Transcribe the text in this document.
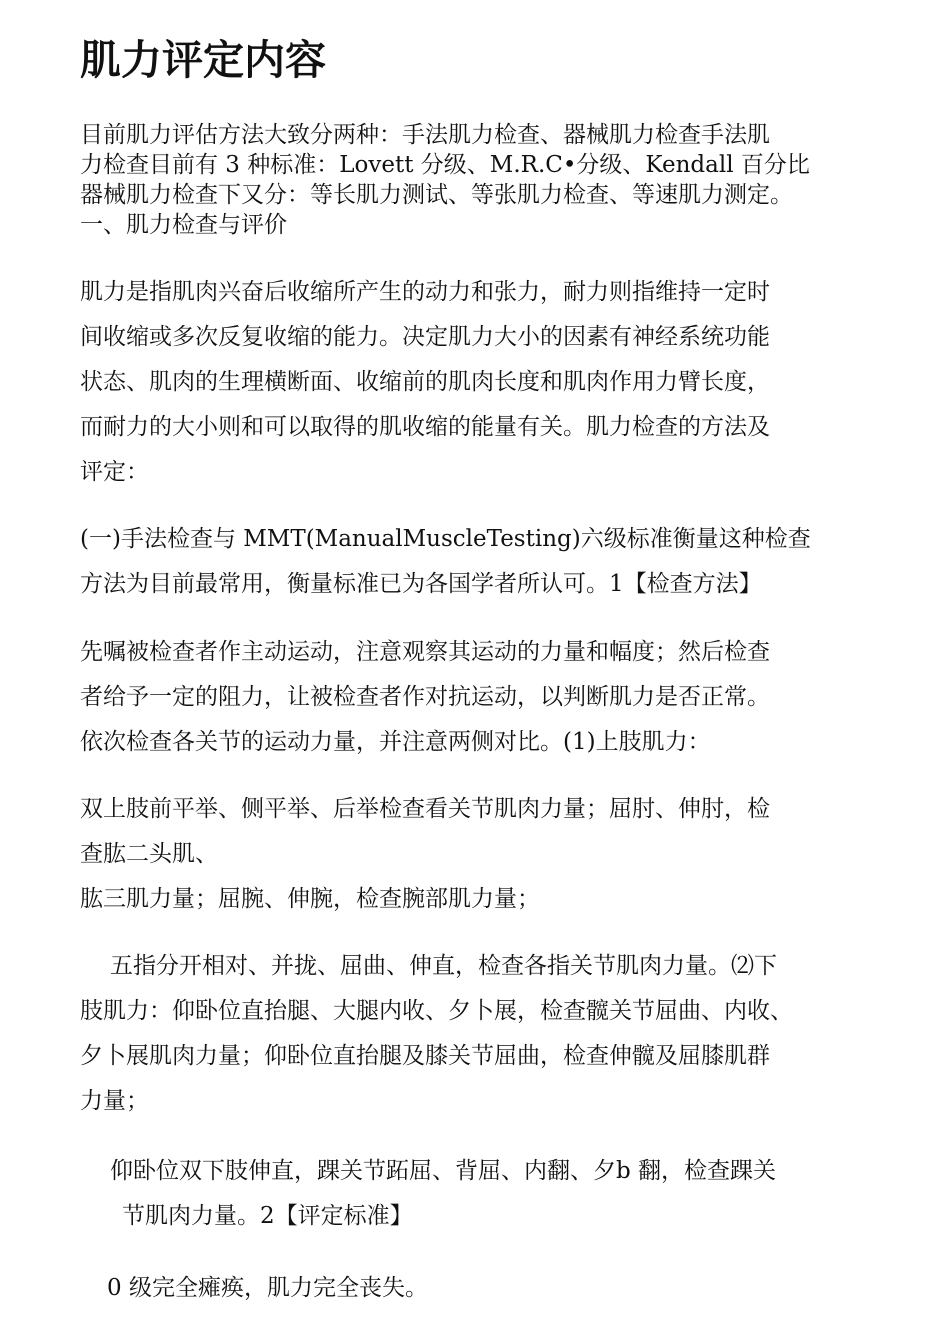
肌力评定内容

目前肌力评估方法大致分两种：手法肌力检查、器械肌力检查手法肌
力检查目前有 3 种标准：Lovett 分级、M.R.C•分级、Kendall 百分比
器械肌力检查下又分：等长肌力测试、等张肌力检查、等速肌力测定。
一、肌力检查与评价

肌力是指肌肉兴奋后收缩所产生的动力和张力，耐力则指维持一定时
间收缩或多次反复收缩的能力。决定肌力大小的因素有神经系统功能
状态、肌肉的生理横断面、收缩前的肌肉长度和肌肉作用力臂长度，
而耐力的大小则和可以取得的肌收缩的能量有关。肌力检查的方法及
评定：

(一)手法检查与 MMT(ManualMuscleTesting)六级标准衡量这种检查
方法为目前最常用，衡量标准已为各国学者所认可。1【检查方法】

先嘱被检查者作主动运动，注意观察其运动的力量和幅度；然后检查
者给予一定的阻力，让被检查者作对抗运动，以判断肌力是否正常。
依次检查各关节的运动力量，并注意两侧对比。(1)上肢肌力：

双上肢前平举、侧平举、后举检查看关节肌肉力量；屈肘、伸肘，检
查肱二头肌、
肱三肌力量；屈腕、伸腕，检查腕部肌力量；

五指分开相对、并拢、屈曲、伸直，检查各指关节肌肉力量。⑵下
肢肌力：仰卧位直抬腿、大腿内收、夕卜展，检查髋关节屈曲、内收、
夕卜展肌肉力量；仰卧位直抬腿及膝关节屈曲，检查伸髋及屈膝肌群
力量；

仰卧位双下肢伸直，踝关节跖屈、背屈、内翻、夕b 翻，检查踝关
节肌肉力量。2【评定标准】

0 级完全瘫痪，肌力完全丧失。
